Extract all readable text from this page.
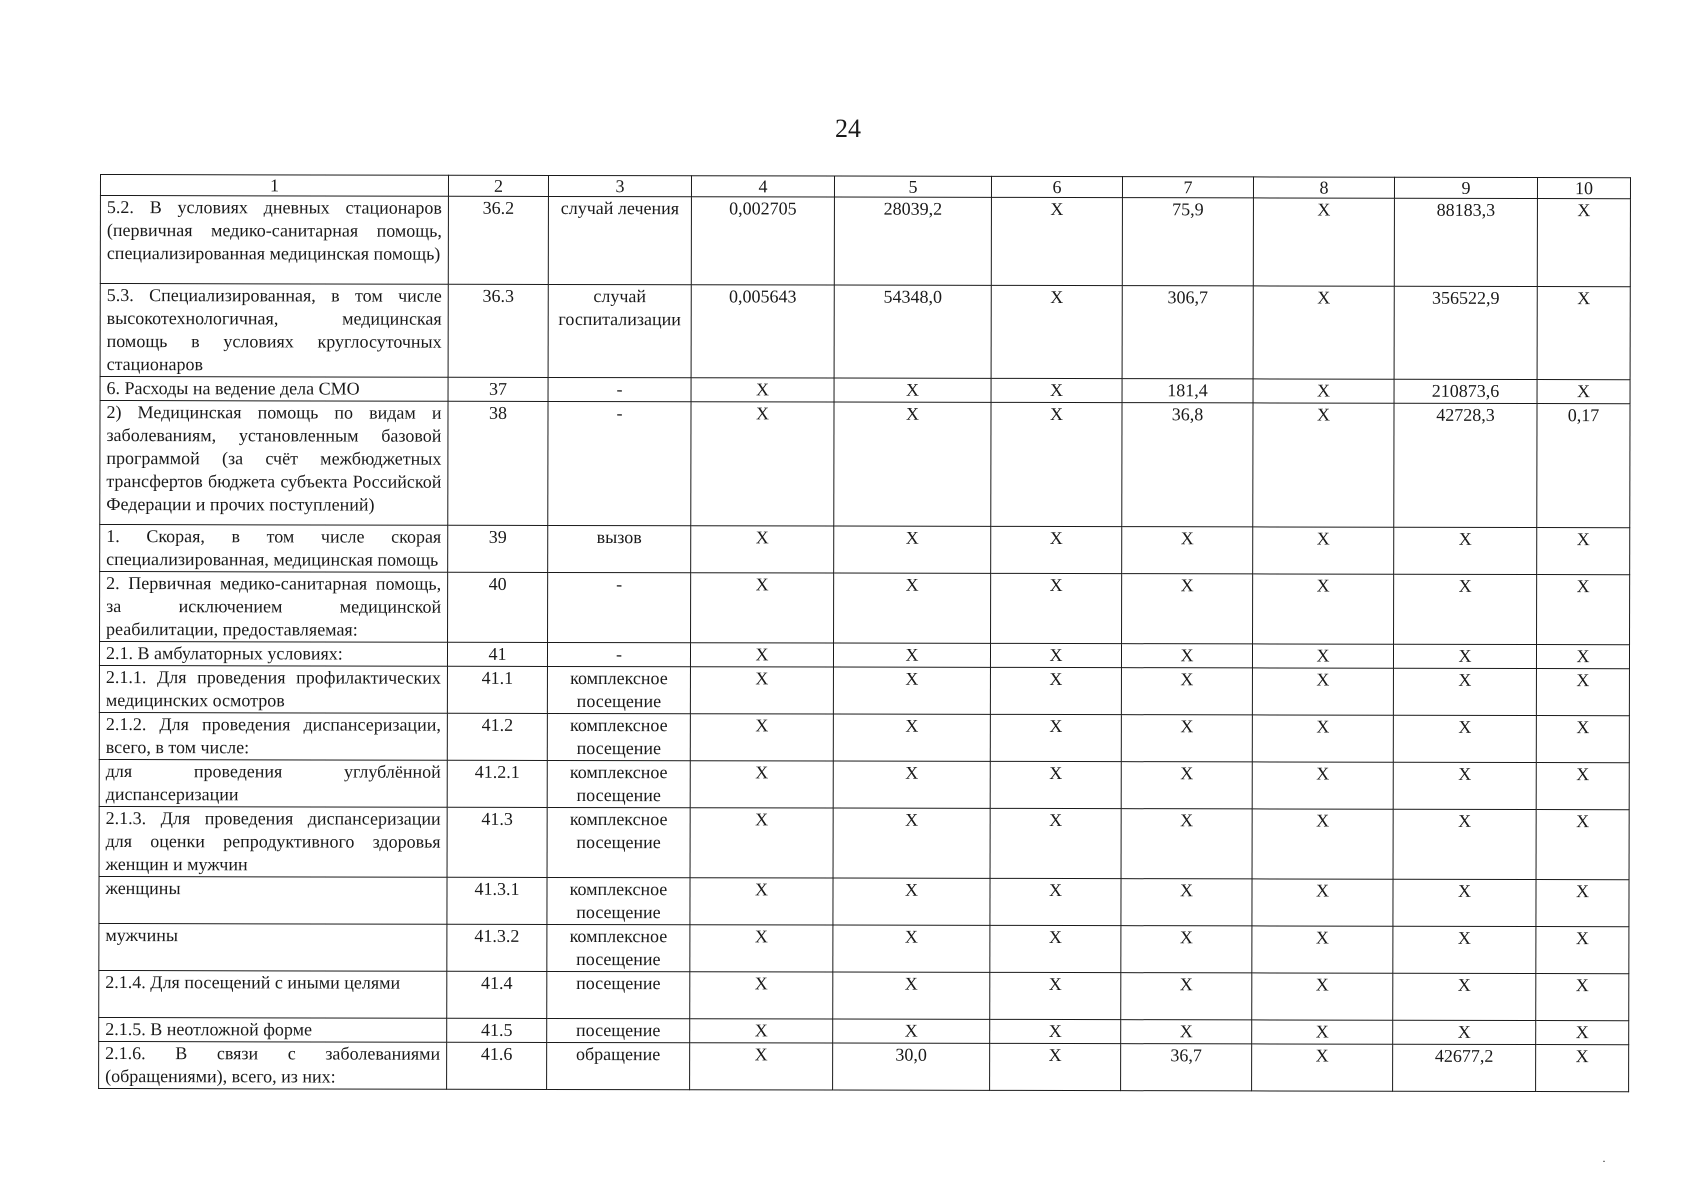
24
1	2	3	4	5	6	7	8	9	10
5.2. В условиях дневных стационаров (первичная медико-санитарная помощь, специализированная медицинская помощь)	36.2	случай лечения	0,002705	28039,2	X	75,9	X	88183,3	X
5.3. Специализированная, в том числе высокотехнологичная, медицинская помощь в условиях круглосуточных стационаров	36.3	случай госпитализации	0,005643	54348,0	X	306,7	X	356522,9	X
6. Расходы на ведение дела СМО	37	-	X	X	X	181,4	X	210873,6	X
2) Медицинская помощь по видам и заболеваниям, установленным базовой программой (за счёт межбюджетных трансфертов бюджета субъекта Российской Федерации и прочих поступлений)	38	-	X	X	X	36,8	X	42728,3	0,17
1. Скорая, в том числе скорая специализированная, медицинская помощь	39	вызов	X	X	X	X	X	X	X
2. Первичная медико-санитарная помощь, за исключением медицинской реабилитации, предоставляемая:	40	-	X	X	X	X	X	X	X
2.1. В амбулаторных условиях:	41	-	X	X	X	X	X	X	X
2.1.1. Для проведения профилактических медицинских осмотров	41.1	комплексное посещение	X	X	X	X	X	X	X
2.1.2. Для проведения диспансеризации, всего, в том числе:	41.2	комплексное посещение	X	X	X	X	X	X	X
для проведения углублённой диспансеризации	41.2.1	комплексное посещение	X	X	X	X	X	X	X
2.1.3. Для проведения диспансеризации для оценки репродуктивного здоровья женщин и мужчин	41.3	комплексное посещение	X	X	X	X	X	X	X
женщины	41.3.1	комплексное посещение	X	X	X	X	X	X	X
мужчины	41.3.2	комплексное посещение	X	X	X	X	X	X	X
2.1.4. Для посещений с иными целями	41.4	посещение	X	X	X	X	X	X	X
2.1.5. В неотложной форме	41.5	посещение	X	X	X	X	X	X	X
2.1.6. В связи с заболеваниями (обращениями), всего, из них:	41.6	обращение	X	30,0	X	36,7	X	42677,2	X
·
